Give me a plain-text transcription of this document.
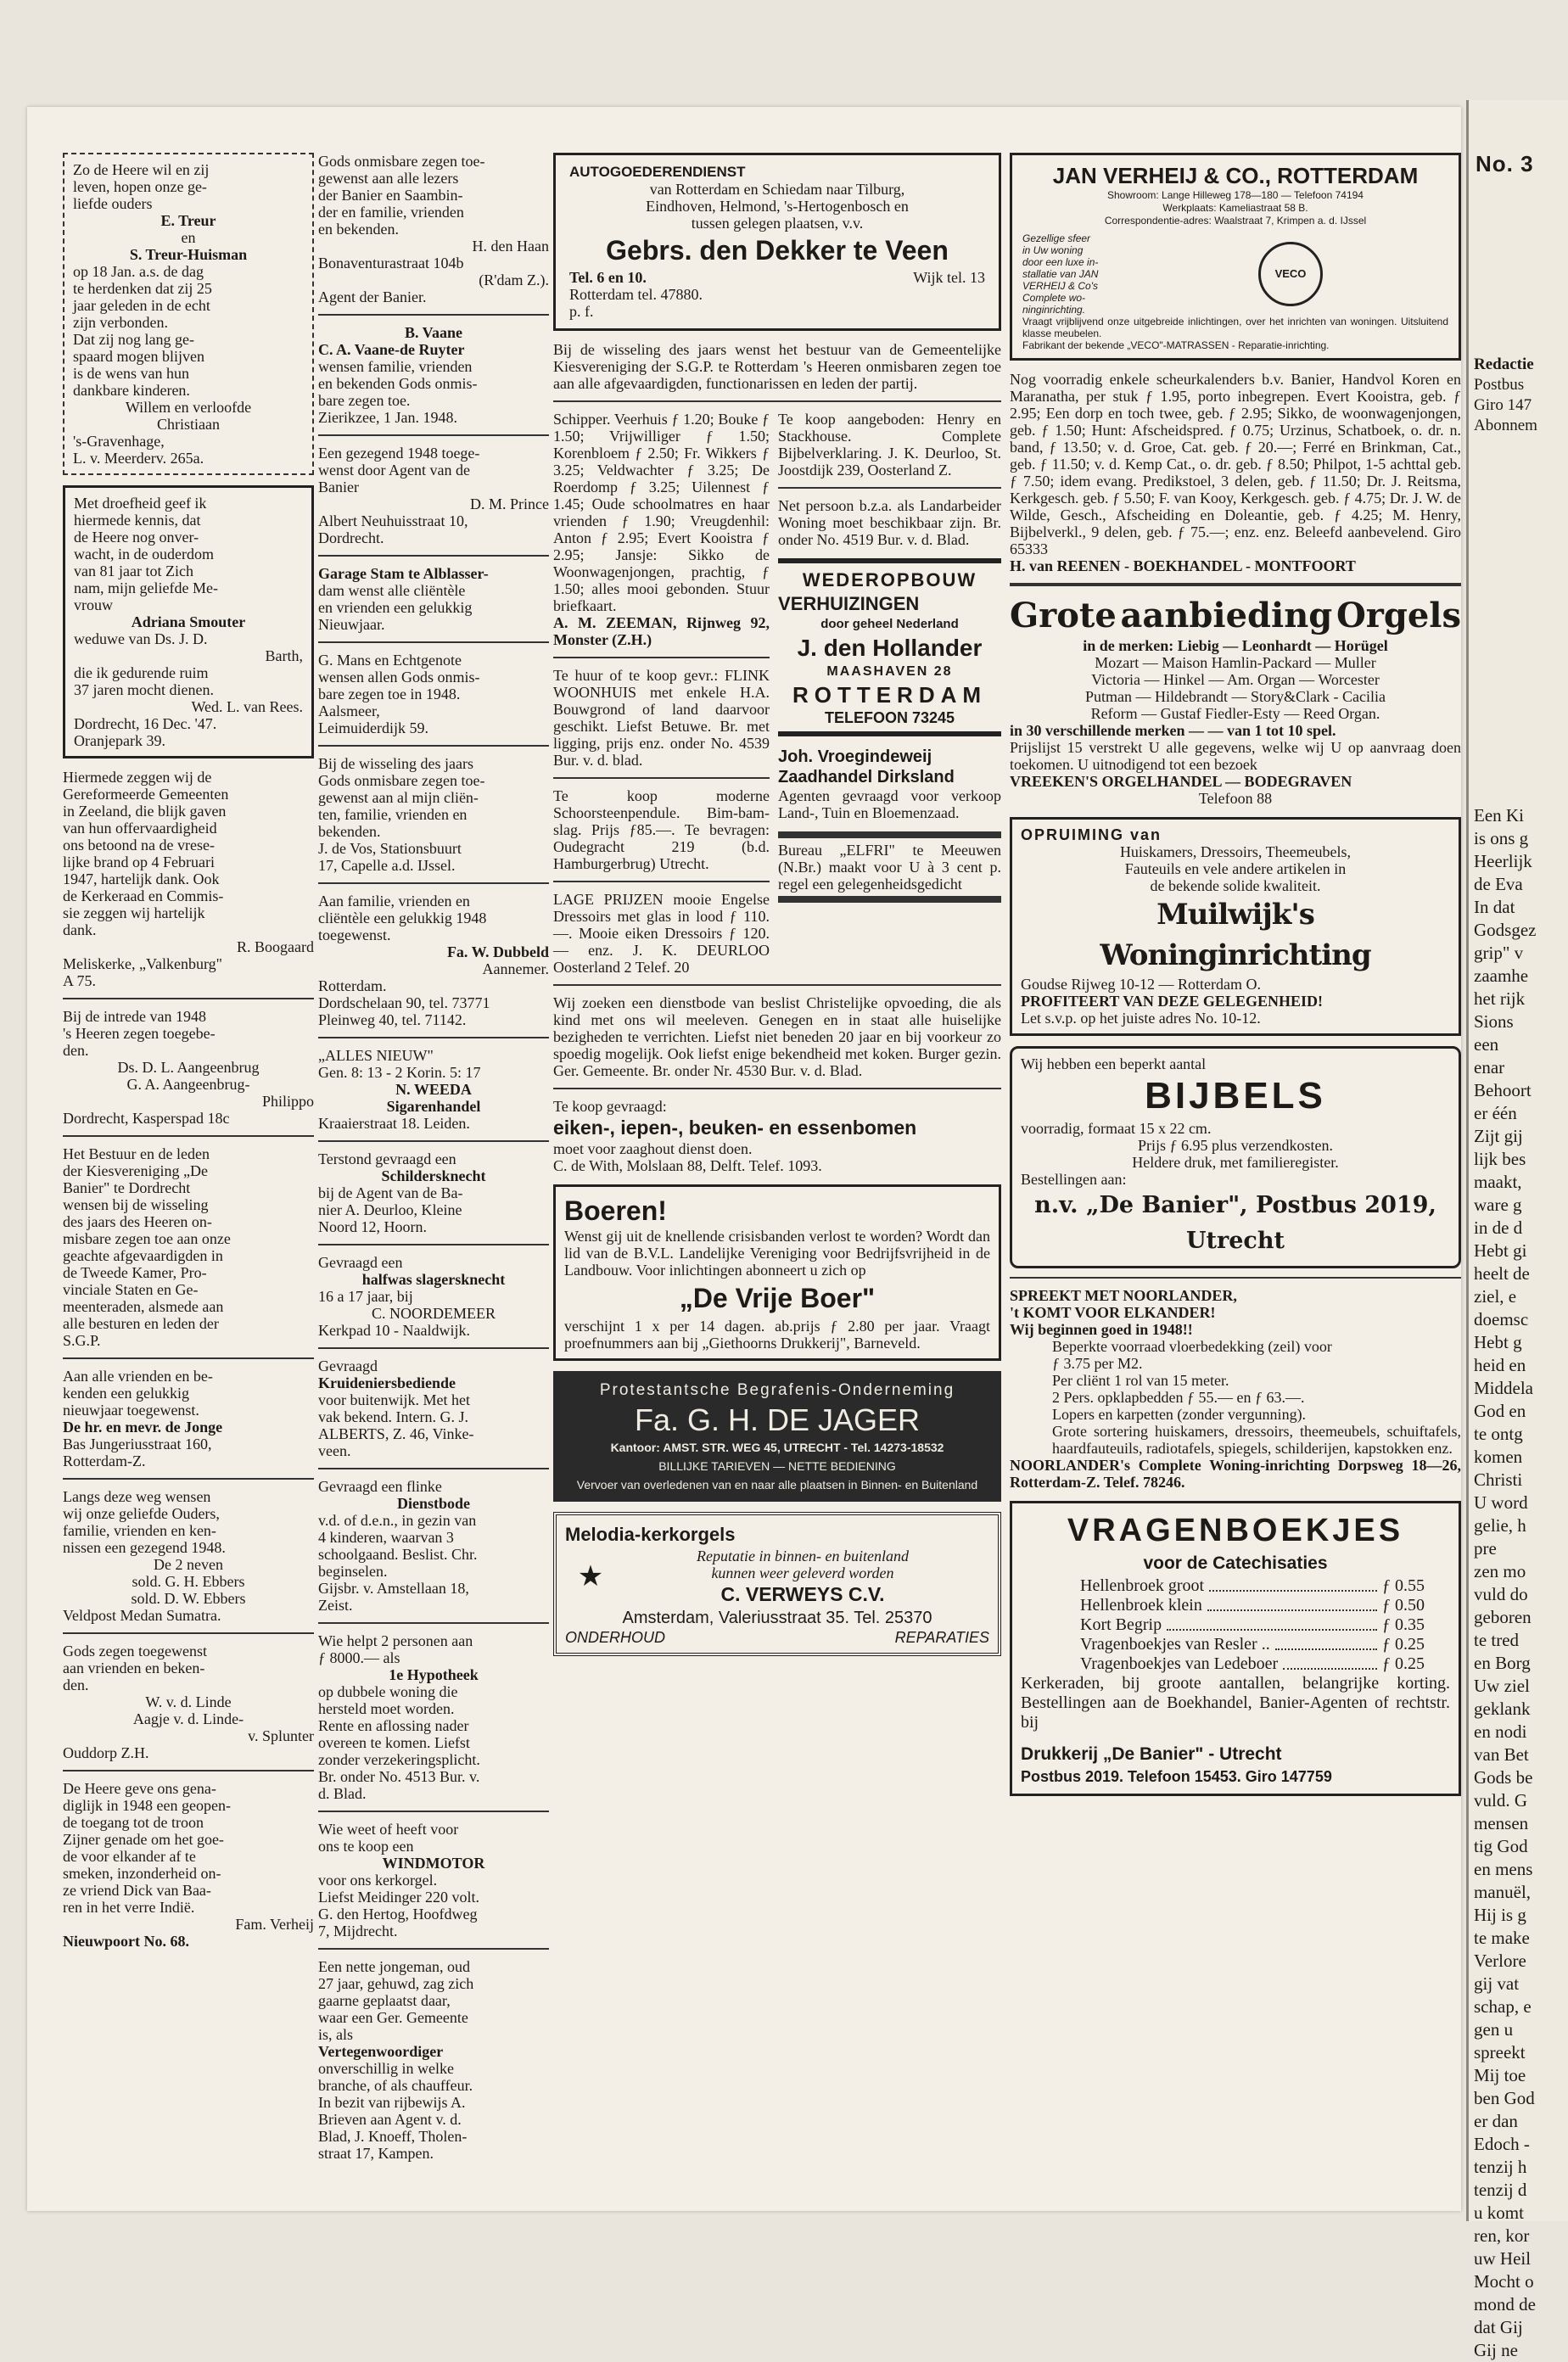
Zo de Heere wil en zij

leven, hopen onze ge-

liefde ouders

E. Treur

en

S. Treur-Huisman

op 18 Jan. a.s. de dag

te herdenken dat zij 25

jaar geleden in de echt

zijn verbonden.

Dat zij nog lang ge-

spaard mogen blijven

is de wens van hun

dankbare kinderen.

Willem en verloofde

Christiaan

's-Gravenhage,

L. v. Meerderv. 265a.

Met droefheid geef ik

hiermede kennis, dat

de Heere nog onver-

wacht, in de ouderdom

van 81 jaar tot Zich

nam, mijn geliefde Me-

vrouw

Adriana Smouter

weduwe van Ds. J. D.

Barth,

die ik gedurende ruim

37 jaren mocht dienen.

Wed. L. van Rees.

Dordrecht, 16 Dec. '47.

Oranjepark 39.

Hiermede zeggen wij de

Gereformeerde Gemeenten

in Zeeland, die blijk gaven

van hun offervaardigheid

ons betoond na de vrese-

lijke brand op 4 Februari

1947, hartelijk dank. Ook

de Kerkeraad en Commis-

sie zeggen wij hartelijk

dank.

R. Boogaard

Meliskerke, „Valkenburg"

A 75.

Bij de intrede van 1948

's Heeren zegen toegebe-

den.

Ds. D. L. Aangeenbrug

G. A. Aangeenbrug-

Philippo

Dordrecht, Kasperspad 18c

Het Bestuur en de leden

der Kiesvereniging „De

Banier" te Dordrecht

wensen bij de wisseling

des jaars des Heeren on-

misbare zegen toe aan onze

geachte afgevaardigden in

de Tweede Kamer, Pro-

vinciale Staten en Ge-

meenteraden, alsmede aan

alle besturen en leden der

S.G.P.

Aan alle vrienden en be-

kenden een gelukkig

nieuwjaar toegewenst.

De hr. en mevr. de Jonge

Bas Jungeriusstraat 160,

Rotterdam-Z.

Langs deze weg wensen

wij onze geliefde Ouders,

familie, vrienden en ken-

nissen een gezegend 1948.

De 2 neven

sold. G. H. Ebbers

sold. D. W. Ebbers

Veldpost Medan Sumatra.

Gods zegen toegewenst

aan vrienden en beken-

den.

W. v. d. Linde

Aagje v. d. Linde-

v. Splunter

Ouddorp Z.H.

De Heere geve ons gena-

diglijk in 1948 een geopen-

de toegang tot de troon

Zijner genade om het goe-

de voor elkander af te

smeken, inzonderheid on-

ze vriend Dick van Baa-

ren in het verre Indië.

Fam. Verheij

Nieuwpoort No. 68.

Gods onmisbare zegen toe-

gewenst aan alle lezers

der Banier en Saambin-

der en familie, vrienden

en bekenden.

H. den Haan

Bonaventurastraat 104b

(R'dam Z.).

Agent der Banier.

B. Vaane

C. A. Vaane-de Ruyter

wensen familie, vrienden

en bekenden Gods onmis-

bare zegen toe.

Zierikzee, 1 Jan. 1948.

Een gezegend 1948 toege-

wenst door Agent van de

Banier

D. M. Prince

Albert Neuhuisstraat 10,

Dordrecht.

Garage Stam te Alblasser-

dam wenst alle cliëntèle

en vrienden een gelukkig

Nieuwjaar.

G. Mans en Echtgenote

wensen allen Gods onmis-

bare zegen toe in 1948.

Aalsmeer,

Leimuiderdijk 59.

Bij de wisseling des jaars

Gods onmisbare zegen toe-

gewenst aan al mijn cliën-

ten, familie, vrienden en

bekenden.

J. de Vos, Stationsbuurt

17, Capelle a.d. IJssel.

Aan familie, vrienden en

cliëntèle een gelukkig 1948

toegewenst.

Fa. W. Dubbeld

Aannemer.

Rotterdam.

Dordschelaan 90, tel. 73771

Pleinweg 40, tel. 71142.

„ALLES NIEUW"

Gen. 8: 13 - 2 Korin. 5: 17

N. WEEDA

Sigarenhandel

Kraaierstraat 18. Leiden.

Terstond gevraagd een

Schildersknecht

bij de Agent van de Ba-

nier A. Deurloo, Kleine

Noord 12, Hoorn.

Gevraagd een

halfwas slagersknecht

16 a 17 jaar, bij

C. NOORDEMEER

Kerkpad 10 - Naaldwijk.

Gevraagd

Kruideniersbediende

voor buitenwijk. Met het

vak bekend. Intern. G. J.

ALBERTS, Z. 46, Vinke-

veen.

Gevraagd een flinke

Dienstbode

v.d. of d.e.n., in gezin van

4 kinderen, waarvan 3

schoolgaand. Beslist. Chr.

beginselen.

Gijsbr. v. Amstellaan 18,

Zeist.

Wie helpt 2 personen aan

ƒ 8000.— als

1e Hypotheek

op dubbele woning die

hersteld moet worden.

Rente en aflossing nader

overeen te komen. Liefst

zonder verzekeringsplicht.

Br. onder No. 4513 Bur. v.

d. Blad.

Wie weet of heeft voor

ons te koop een

WINDMOTOR

voor ons kerkorgel.

Liefst Meidinger 220 volt.

G. den Hertog, Hoofdweg

7, Mijdrecht.

Een nette jongeman, oud

27 jaar, gehuwd, zag zich

gaarne geplaatst daar,

waar een Ger. Gemeente

is, als

Vertegenwoordiger

onverschillig in welke

branche, of als chauffeur.

In bezit van rijbewijs A.

Brieven aan Agent v. d.

Blad, J. Knoeff, Tholen-

straat 17, Kampen.

AUTOGOEDERENDIENST

van Rotterdam en Schiedam naar Tilburg,

Eindhoven, Helmond, 's-Hertogenbosch en

tussen gelegen plaatsen, v.v.

Gebrs. den Dekker te Veen

Tel. 6 en 10.	Wijk tel. 13

Rotterdam tel. 47880.

p. f.

Bij de wisseling des jaars wenst het bestuur van de Gemeentelijke Kiesvereniging der S.G.P. te Rotterdam 's Heeren onmisbaren zegen toe aan alle afgevaardigden, functionarissen en leden der partij.

Schipper. Veerhuis ƒ 1.20; Bouke ƒ 1.50; Vrijwilliger ƒ 1.50; Korenbloem ƒ 2.50; Fr. Wikkers ƒ 3.25; Veldwachter ƒ 3.25; De Roerdomp ƒ 3.25; Uilennest ƒ 1.45; Oude schoolmatres en haar vrienden ƒ 1.90; Vreugdenhil: Anton ƒ 2.95; Evert Kooistra ƒ 2.95; Jansje: Sikko de Woonwagenjongen, prachtig, ƒ 1.50; alles mooi gebonden. Stuur briefkaart.

A. M. ZEEMAN, Rijnweg 92, Monster (Z.H.)

Te huur of te koop gevr.: FLINK WOONHUIS met enkele H.A. Bouwgrond of land daarvoor geschikt. Liefst Betuwe. Br. met ligging, prijs enz. onder No. 4539 Bur. v. d. blad.

Te koop moderne Schoorsteenpendule. Bim-bam-slag. Prijs ƒ85.—. Te bevragen: Oudegracht 219 (b.d. Hamburgerbrug) Utrecht.

LAGE PRIJZEN mooie Engelse Dressoirs met glas in lood ƒ 110.—. Mooie eiken Dressoirs ƒ 120.— enz. J. K. DEURLOO Oosterland 2 Telef. 20

Te koop aangeboden: Henry en Stackhouse. Complete Bijbelverklaring. J. K. Deurloo, St. Joostdijk 239, Oosterland Z.

Net persoon b.z.a. als Landarbeider Woning moet beschikbaar zijn. Br. onder No. 4519 Bur. v. d. Blad.

WEDEROPBOUW

VERHUIZINGEN

door geheel Nederland

J. den Hollander

MAASHAVEN 28

ROTTERDAM

TELEFOON 73245

Joh. Vroegindeweij

Zaadhandel Dirksland

Agenten gevraagd voor verkoop Land-, Tuin en Bloemenzaad.

Bureau „ELFRI" te Meeuwen (N.Br.) maakt voor U à 3 cent p. regel een gelegenheidsgedicht

Wij zoeken een dienstbode van beslist Christelijke opvoeding, die als kind met ons wil meeleven. Genegen en in staat alle huiselijke bezigheden te verrichten. Liefst niet beneden 20 jaar en bij voorkeur zo spoedig mogelijk. Ook liefst enige bekendheid met koken. Burger gezin. Ger. Gemeente. Br. onder Nr. 4530 Bur. v. d. Blad.

Te koop gevraagd:

eiken-, iepen-, beuken- en essenbomen

moet voor zaaghout dienst doen.

C. de With, Molslaan 88, Delft. Telef. 1093.

Boeren!

Wenst gij uit de knellende crisisbanden verlost te worden? Wordt dan lid van de B.V.L. Landelijke Vereniging voor Bedrijfsvrijheid in de Landbouw. Voor inlichtingen abonneert u zich op

„De Vrije Boer"

verschijnt 1 x per 14 dagen. ab.prijs ƒ 2.80 per jaar. Vraagt proefnummers aan bij „Giethoorns Drukkerij", Barneveld.

Protestantsche Begrafenis-Onderneming

Fa. G. H. DE JAGER

Kantoor: AMST. STR. WEG 45, UTRECHT - Tel. 14273-18532

BILLIJKE TARIEVEN — NETTE BEDIENING

Vervoer van overledenen van en naar alle plaatsen in Binnen- en Buitenland

Melodia-kerkorgels

★

Reputatie in binnen- en buitenland

kunnen weer geleverd worden

C. VERWEYS C.V.

Amsterdam, Valeriusstraat 35. Tel. 25370

ONDERHOUD	REPARATIES

JAN VERHEIJ & CO., ROTTERDAM

Showroom: Lange Hilleweg 178—180 — Telefoon 74194

Werkplaats: Kameliastraat 58 B.

Correspondentie-adres: Waalstraat 7, Krimpen a. d. IJssel

Gezellige sfeer

in Uw woning

door een luxe in-

stallatie van JAN

VERHEIJ & Co's

Complete wo-

ninginrichting.

VECO

Vraagt vrijblijvend onze uitgebreide inlichtingen, over het inrichten van woningen. Uitsluitend klasse meubelen.

Fabrikant der bekende „VECO"-MATRASSEN - Reparatie-inrichting.

Nog voorradig enkele scheurkalenders b.v. Banier, Handvol Koren en Maranatha, per stuk ƒ 1.95, porto inbegrepen. Evert Kooistra, geb. ƒ 2.95; Een dorp en toch twee, geb. ƒ 2.95; Sikko, de woonwagenjongen, geb. ƒ 1.50; Hunt: Afscheidspred. ƒ 0.75; Urzinus, Schatboek, o. dr. n. band, ƒ 13.50; v. d. Groe, Cat. geb. ƒ 20.—; Ferré en Brinkman, Cat., geb. ƒ 11.50; v. d. Kemp Cat., o. dr. geb. ƒ 8.50; Philpot, 1-5 achttal geb. ƒ 7.50; idem evang. Predikstoel, 3 delen, geb. ƒ 11.50; Dr. J. Reitsma, Kerkgesch. geb. ƒ 5.50; F. van Kooy, Kerkgesch. geb. ƒ 4.75; Dr. J. W. de Wilde, Gesch., Afscheiding en Doleantie, geb. ƒ 4.25; M. Henry, Bijbelverkl., 9 delen, geb. ƒ 75.—; enz. enz. Beleefd aanbevelend. Giro 65333

H. van REENEN - BOEKHANDEL - MONTFOORT

Grote aanbieding Orgels

in de merken: Liebig — Leonhardt — Horügel

Mozart — Maison Hamlin-Packard — Muller

Victoria — Hinkel — Am. Organ — Worcester

Putman — Hildebrandt — Story&Clark - Cacilia

Reform — Gustaf Fiedler-Esty — Reed Organ.

in 30 verschillende merken — — van 1 tot 10 spel.

Prijslijst 15 verstrekt U alle gegevens, welke wij U op aanvraag doen toekomen. U uitnodigend tot een bezoek

VREEKEN'S ORGELHANDEL — BODEGRAVEN

Telefoon 88

OPRUIMING van

Huiskamers, Dressoirs, Theemeubels,

Fauteuils en vele andere artikelen in

de bekende solide kwaliteit.

Muilwijk's Woninginrichting

Goudse Rijweg 10-12 — Rotterdam O.

PROFITEERT VAN DEZE GELEGENHEID!

Let s.v.p. op het juiste adres No. 10-12.

Wij hebben een beperkt aantal

BIJBELS

voorradig, formaat 15 x 22 cm.

Prijs ƒ 6.95 plus verzendkosten.

Heldere druk, met familieregister.

Bestellingen aan:

n.v. „De Banier", Postbus 2019, Utrecht

SPREEKT MET NOORLANDER,

't KOMT VOOR ELKANDER!

Wij beginnen goed in 1948!!

Beperkte voorraad vloerbedekking (zeil) voor

ƒ 3.75 per M2.

Per cliënt 1 rol van 15 meter.

2 Pers. opklapbedden ƒ 55.— en ƒ 63.—.

Lopers en karpetten (zonder vergunning).

Grote sortering huiskamers, dressoirs, theemeubels, schuiftafels, haardfauteuils, radiotafels, spiegels, schilderijen, kapstokken enz.

NOORLANDER's Complete Woning-inrichting Dorpsweg 18—26, Rotterdam-Z. Telef. 78246.

VRAGENBOEKJES

voor de Catechisaties

Hellenbroek groot	ƒ 0.55
Hellenbroek klein	ƒ 0.50
Kort Begrip	ƒ 0.35
Vragenboekjes van Resler ..	ƒ 0.25
Vragenboekjes van Ledeboer	ƒ 0.25

Kerkeraden, bij groote aantallen, belangrijke korting. Bestellingen aan de Boekhandel, Banier-Agenten of rechtstr. bij

Drukkerij „De Banier" - Utrecht

Postbus 2019. Telefoon 15453. Giro 147759

No. 3
Redactie
Postbus
Giro 147
Abonnem
Een Ki
is ons g
Heerlijk
de Eva
In dat
Godsgez
grip" v
zaamhe
het rijk
Sions
een
enar
Behoort
er één
Zijt gij
lijk bes
maakt,
ware g
in de d
Hebt gi
heelt de
ziel, e
doemsc
Hebt g
heid en
Middela
God en
te ontg
komen
Christi
U word
gelie, h
pre
zen mo
vuld do
geboren
te tred
en Borg
Uw ziel
geklank
en nodi
van Bet
Gods be
vuld. G
mensen
tig God
en mens
manuël,
Hij is g
te make
Verlore
gij vat
schap, e
gen u
spreekt
Mij toe
ben God
er dan
Edoch -
tenzij h
tenzij d
u komt
ren, kor
uw Heil
Mocht o
mond de
dat Gij
Gij ne
